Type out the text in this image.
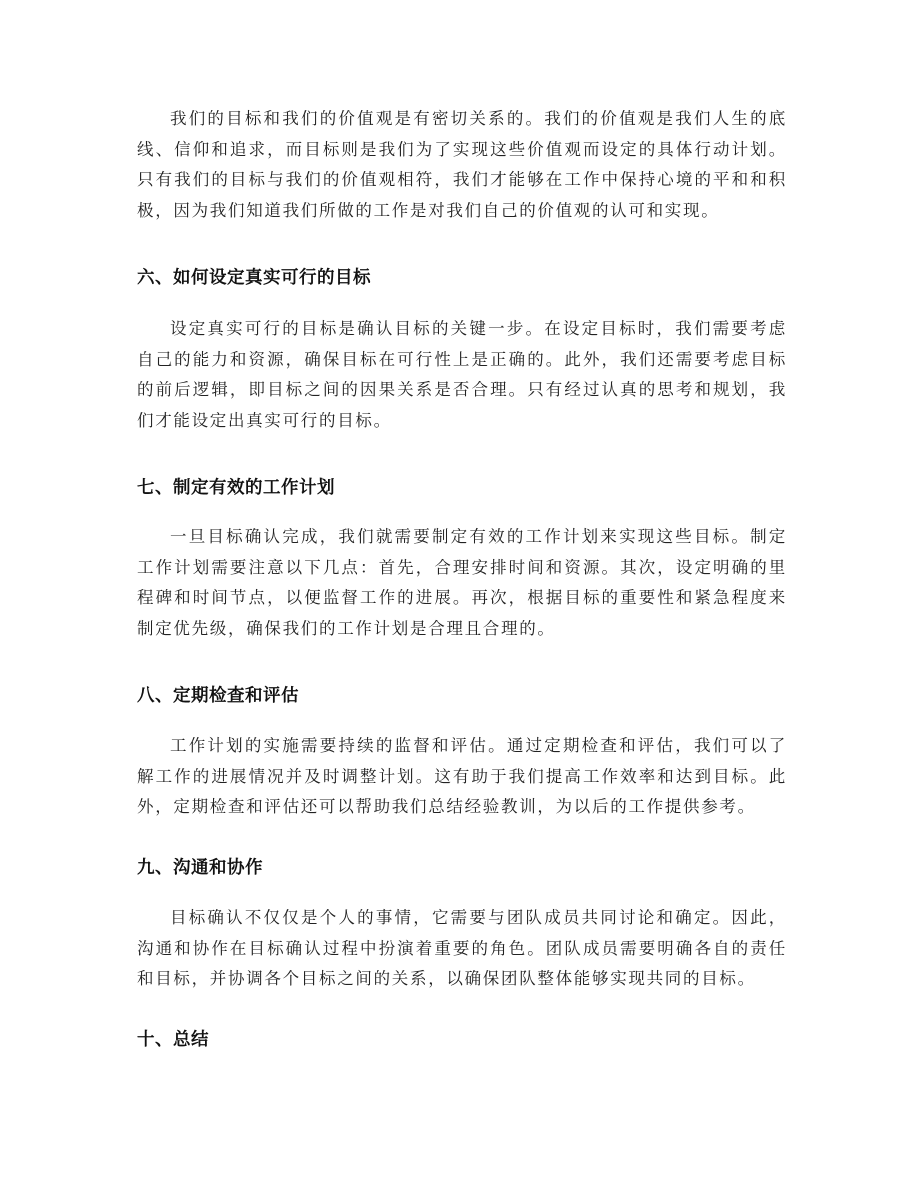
我们的目标和我们的价值观是有密切关系的。我们的价值观是我们人生的底线、信仰和追求，而目标则是我们为了实现这些价值观而设定的具体行动计划。只有我们的目标与我们的价值观相符，我们才能够在工作中保持心境的平和和积极，因为我们知道我们所做的工作是对我们自己的价值观的认可和实现。

六、如何设定真实可行的目标

设定真实可行的目标是确认目标的关键一步。在设定目标时，我们需要考虑自己的能力和资源，确保目标在可行性上是正确的。此外，我们还需要考虑目标的前后逻辑，即目标之间的因果关系是否合理。只有经过认真的思考和规划，我们才能设定出真实可行的目标。

七、制定有效的工作计划

一旦目标确认完成，我们就需要制定有效的工作计划来实现这些目标。制定工作计划需要注意以下几点：首先，合理安排时间和资源。其次，设定明确的里程碑和时间节点，以便监督工作的进展。再次，根据目标的重要性和紧急程度来制定优先级，确保我们的工作计划是合理且合理的。

八、定期检查和评估

工作计划的实施需要持续的监督和评估。通过定期检查和评估，我们可以了解工作的进展情况并及时调整计划。这有助于我们提高工作效率和达到目标。此外，定期检查和评估还可以帮助我们总结经验教训，为以后的工作提供参考。

九、沟通和协作

目标确认不仅仅是个人的事情，它需要与团队成员共同讨论和确定。因此，沟通和协作在目标确认过程中扮演着重要的角色。团队成员需要明确各自的责任和目标，并协调各个目标之间的关系，以确保团队整体能够实现共同的目标。

十、总结
